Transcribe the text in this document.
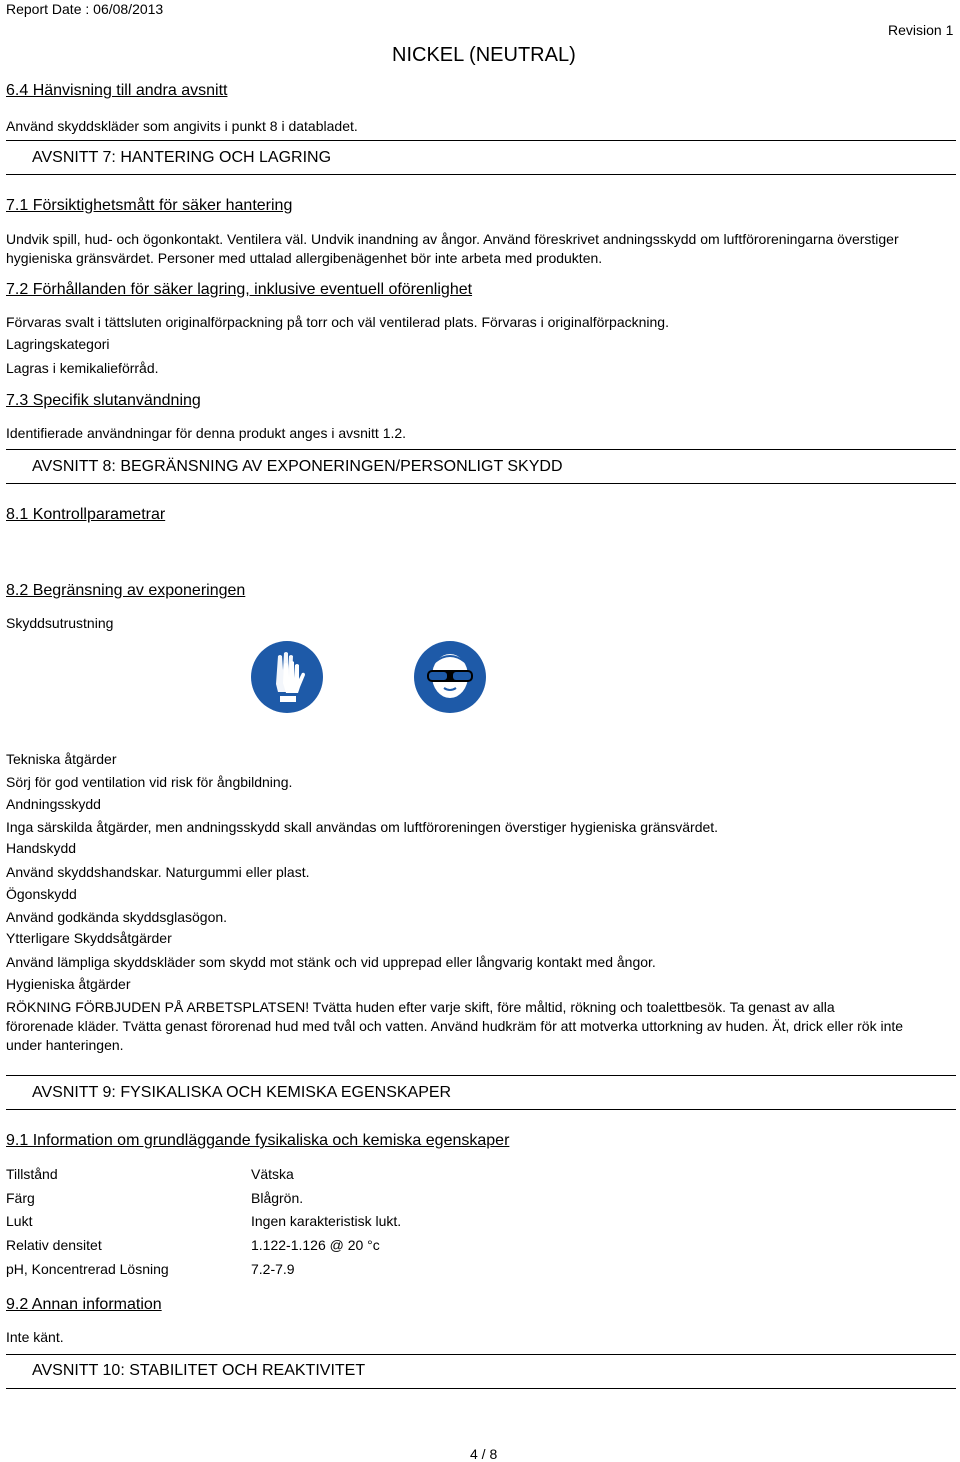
Report Date : 06/08/2013
Revision 1
NICKEL (NEUTRAL)
6.4 Hänvisning till andra avsnitt
Använd skyddskläder som angivits i punkt 8 i databladet.
AVSNITT 7: HANTERING OCH LAGRING
7.1 Försiktighetsmått för säker hantering
Undvik spill, hud- och ögonkontakt. Ventilera väl. Undvik inandning av ångor. Använd föreskrivet andningsskydd om luftföroreningarna överstiger hygieniska gränsvärdet. Personer med uttalad allergibenägenhet bör inte arbeta med produkten.
7.2 Förhållanden för säker lagring, inklusive eventuell oförenlighet
Förvaras svalt i tättsluten originalförpackning på torr och väl ventilerad plats. Förvaras i originalförpackning.
Lagringskategori
Lagras i kemikalieförråd.
7.3 Specifik slutanvändning
Identifierade användningar för denna produkt anges i avsnitt 1.2.
AVSNITT 8: BEGRÄNSNING AV EXPONERINGEN/PERSONLIGT SKYDD
8.1 Kontrollparametrar
8.2 Begränsning av exponeringen
Skyddsutrustning
Tekniska åtgärder
Sörj för god ventilation vid risk för ångbildning.
Andningsskydd
Inga särskilda åtgärder, men andningsskydd skall användas om luftföroreningen överstiger hygieniska gränsvärdet.
Handskydd
Använd skyddshandskar. Naturgummi eller plast.
Ögonskydd
Använd godkända skyddsglasögon.
Ytterligare Skyddsåtgärder
Använd lämpliga skyddskläder som skydd mot stänk och vid upprepad eller långvarig kontakt med ångor.
Hygieniska åtgärder
RÖKNING FÖRBJUDEN PÅ ARBETSPLATSEN! Tvätta huden efter varje skift, före måltid, rökning och toalettbesök. Ta genast av alla förorenade kläder. Tvätta genast förorenad hud med tvål och vatten. Använd hudkräm för att motverka uttorkning av huden. Ät, drick eller rök inte under hanteringen.
AVSNITT 9: FYSIKALISKA OCH KEMISKA EGENSKAPER
9.1 Information om grundläggande fysikaliska och kemiska egenskaper
Tillstånd	Vätska
Färg	Blågrön.
Lukt	Ingen karakteristisk lukt.
Relativ densitet	1.122-1.126 @ 20 °c
pH, Koncentrerad Lösning	7.2-7.9
9.2 Annan information
Inte känt.
AVSNITT 10: STABILITET OCH REAKTIVITET
4 / 8
